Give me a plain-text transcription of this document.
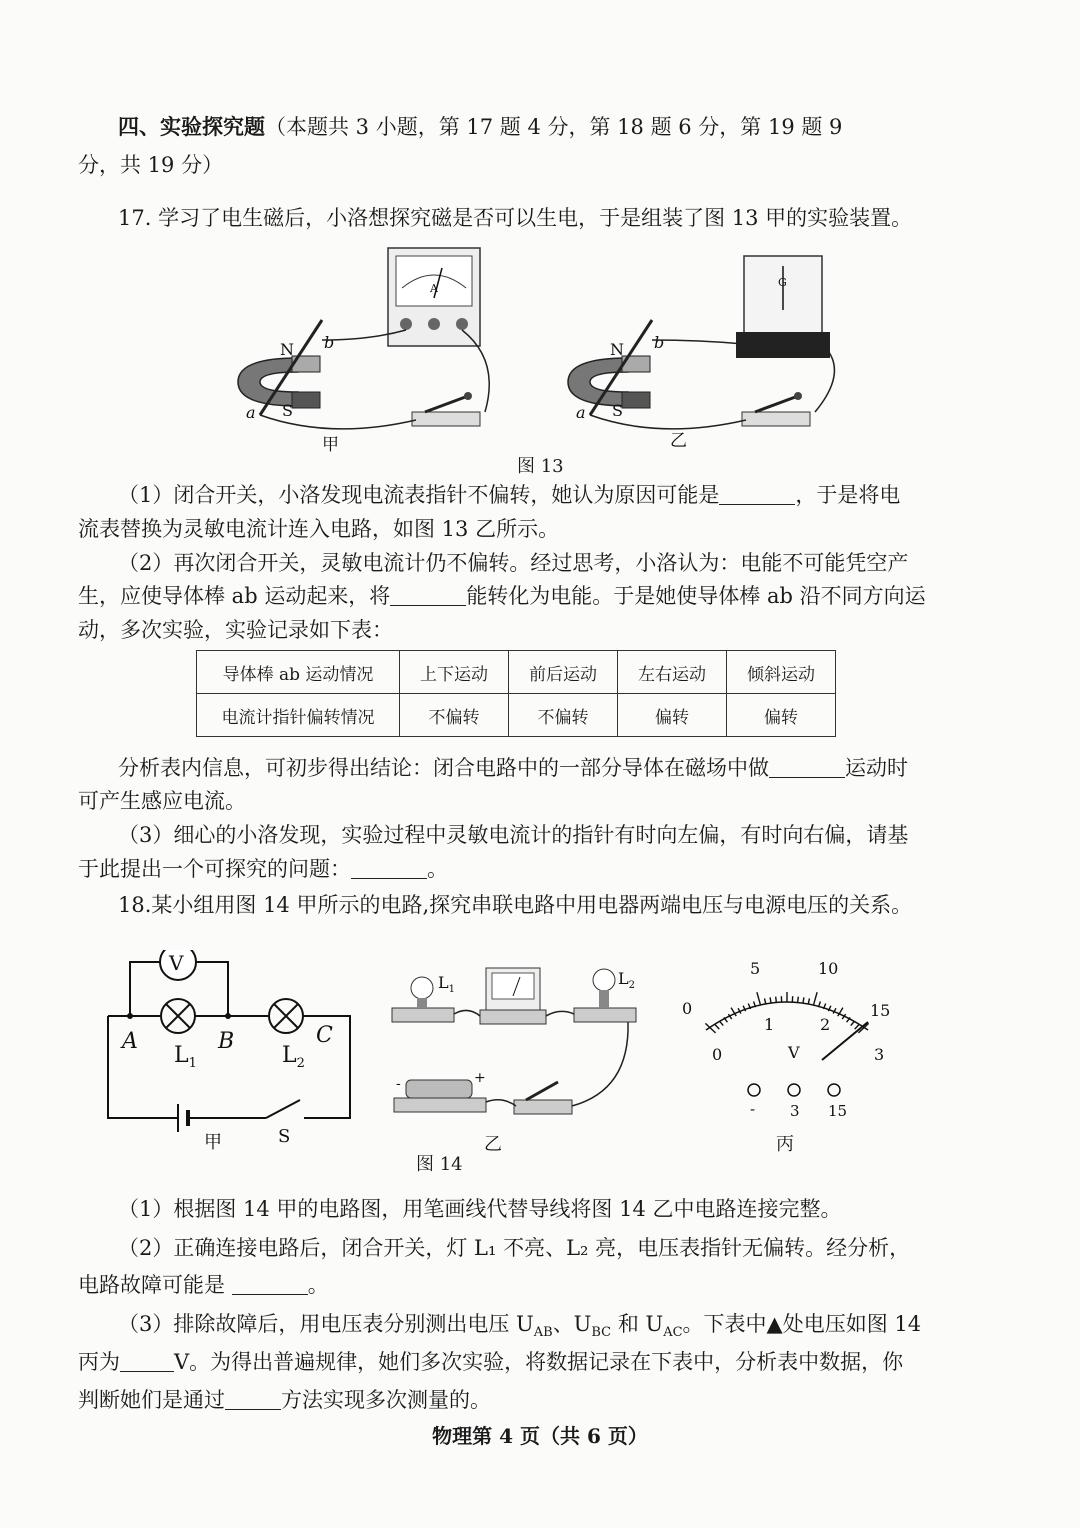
四、实验探究题（本题共 3 小题，第 17 题 4 分，第 18 题 6 分，第 19 题 9
分，共 19 分）
17. 学习了电生磁后，小洛想探究磁是否可以生电，于是组装了图 13 甲的实验装置。
N
S
a
b
A
甲
N
S
a
b
G
乙
图 13
（1）闭合开关，小洛发现电流表指针不偏转，她认为原因可能是	，于是将电
流表替换为灵敏电流计连入电路，如图 13 乙所示。
（2）再次闭合开关，灵敏电流计仍不偏转。经过思考，小洛认为：电能不可能凭空产
生，应使导体棒 ab 运动起来，将	能转化为电能。于是她使导体棒 ab 沿不同方向运
动，多次实验，实验记录如下表：
导体棒 ab 运动情况	上下运动	前后运动	左右运动	倾斜运动
电流计指针偏转情况	不偏转	不偏转	偏转	偏转
分析表内信息，可初步得出结论：闭合电路中的一部分导体在磁场中做	运动时
可产生感应电流。
（3）细心的小洛发现，实验过程中灵敏电流计的指针有时向左偏，有时向右偏，请基
于此提出一个可探究的问题：	。
18.某小组用图 14 甲所示的电路,探究串联电路中用电器两端电压与电源电压的关系。
V
A	B	C
$L_1$	$L_2$
S
甲
$L_1$
$L_2$
-	+
乙
0
5	10
15
0
1	2
3
V
- 3 15
丙
图 14
（1）根据图 14 甲的电路图，用笔画线代替导线将图 14 乙中电路连接完整。
（2）正确连接电路后，闭合开关，灯 L₁ 不亮、L₂ 亮，电压表指针无偏转。经分析，
电路故障可能是	。
（3）排除故障后，用电压表分别测出电压 $U_{AB}$、$U_{BC}$ 和 $U_{AC}$。下表中▲处电压如图 14
丙为	V。为得出普遍规律，她们多次实验，将数据记录在下表中，分析表中数据，你
判断她们是通过	方法实现多次测量的。
物理第 4 页（共 6 页）
